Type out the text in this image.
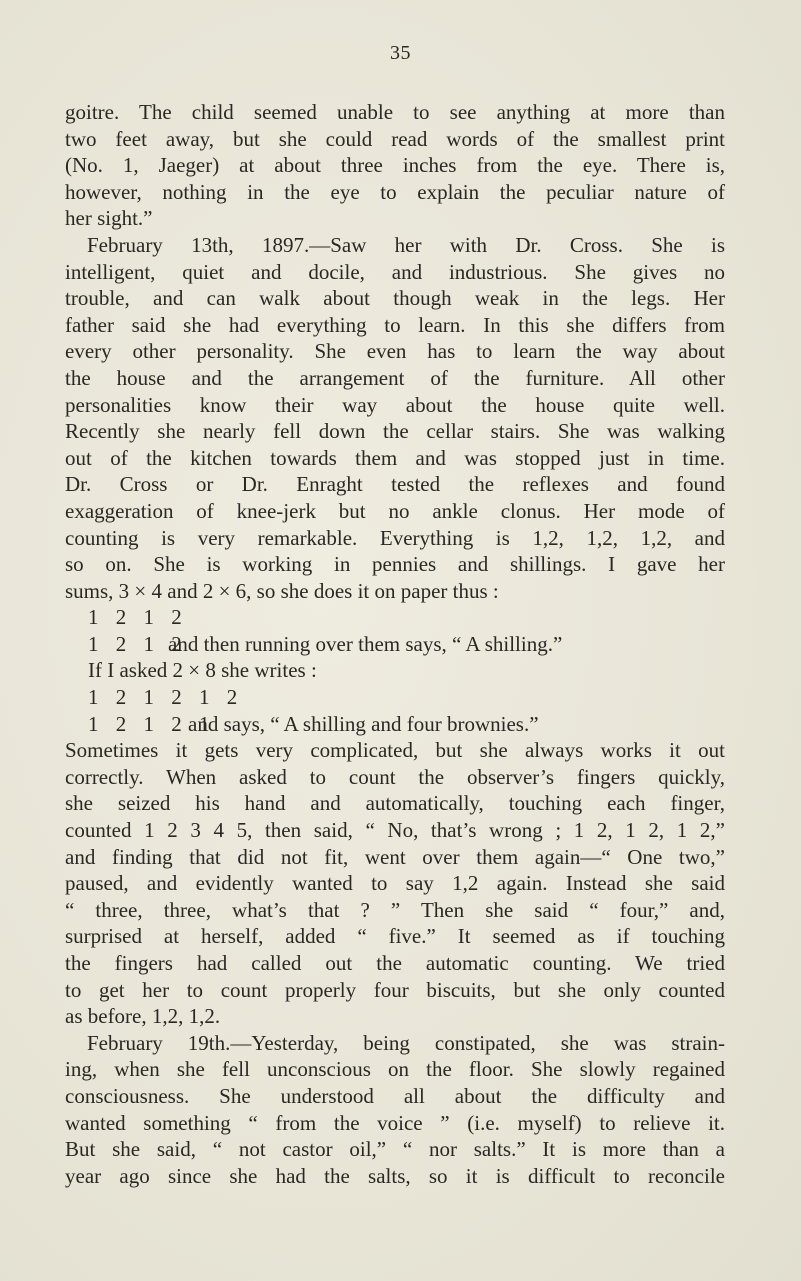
35
goitre. The child seemed unable to see anything at more than
two feet away, but she could read words of the smallest print
(No. 1, Jaeger) at about three inches from the eye. There is,
however, nothing in the eye to explain the peculiar nature of
her sight.”
February 13th, 1897.—Saw her with Dr. Cross. She is
intelligent, quiet and docile, and industrious. She gives no
trouble, and can walk about though weak in the legs. Her
father said she had everything to learn. In this she differs from
every other personality. She even has to learn the way about
the house and the arrangement of the furniture. All other
personalities know their way about the house quite well.
Recently she nearly fell down the cellar stairs. She was walking
out of the kitchen towards them and was stopped just in time.
Dr. Cross or Dr. Enraght tested the reflexes and found
exaggeration of knee-jerk but no ankle clonus. Her mode of
counting is very remarkable. Everything is 1,2, 1,2, 1,2, and
so on. She is working in pennies and shillings. I gave her
sums, 3 × 4 and 2 × 6, so she does it on paper thus :
1 2 1 2
1 2 1 2and then running over them says, “ A shilling.”
If I asked 2 × 8 she writes :
1 2 1 2 1 2
1 2 1 2 1and says, “ A shilling and four brownies.”
Sometimes it gets very complicated, but she always works it out
correctly. When asked to count the observer’s fingers quickly,
she seized his hand and automatically, touching each finger,
counted 1 2 3 4 5, then said, “ No, that’s wrong ; 1 2, 1 2, 1 2,”
and finding that did not fit, went over them again—“ One two,”
paused, and evidently wanted to say 1,2 again. Instead she said
“ three, three, what’s that ? ” Then she said “ four,” and,
surprised at herself, added “ five.” It seemed as if touching
the fingers had called out the automatic counting. We tried
to get her to count properly four biscuits, but she only counted
as before, 1,2, 1,2.
February 19th.—Yesterday, being constipated, she was strain-
ing, when she fell unconscious on the floor. She slowly regained
consciousness. She understood all about the difficulty and
wanted something “ from the voice ” (i.e. myself) to relieve it.
But she said, “ not castor oil,” “ nor salts.” It is more than a
year ago since she had the salts, so it is difficult to reconcile
